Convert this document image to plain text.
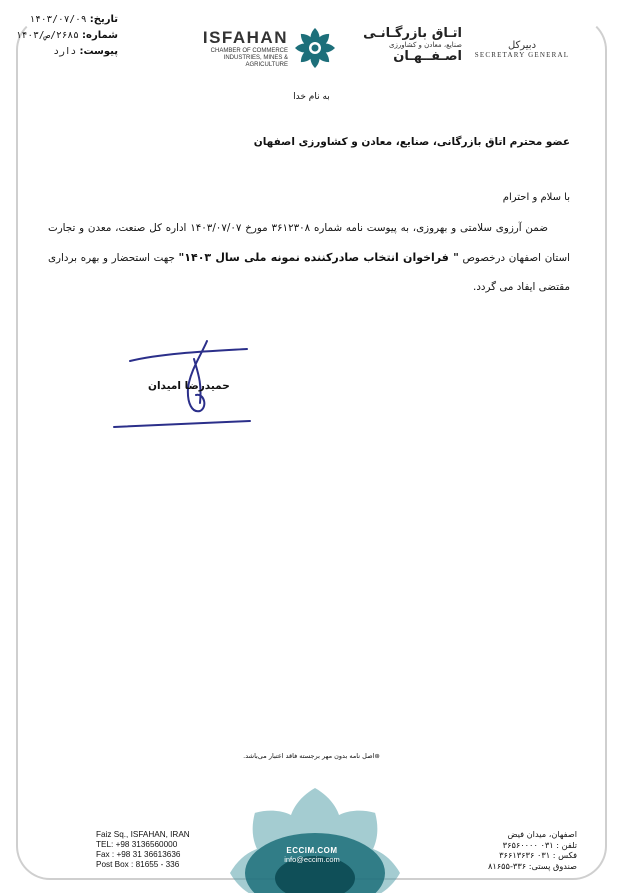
تاریخ: ۱۴۰۳/۰۷/۰۹
شماره: ۲۶۸۵/ص/۱۴۰۳
پیوست: دارد
ISFAHAN
CHAMBER OF COMMERCE
INDUSTRIES, MINES & AGRICULTURE
اتـاق بازرگـانـی
صنایع، معادن و کشاورزی
اصـفــهـان
دبیرکل
SECRETARY GENERAL
به نام خدا
عضو محترم اتاق بازرگانی، صنایع، معادن و کشاورزی اصفهان
با سلام و احترام
ضمن آرزوی سلامتی و بهروزی، به پیوست نامه شماره ۳۶۱۲۳۰۸ مورخ ۱۴۰۳/۰۷/۰۷ اداره کل صنعت، معدن و تجارت استان اصفهان درخصوص " فراخوان انتخاب صادرکننده نمونه ملی سال ۱۴۰۳" جهت استحضار و بهره برداری مقتضی ایفاد می گردد.
حمیدرضا امیدان
⊛اصل نامه بدون مهر برجسته فاقد اعتبار می‌باشد.
ECCIM.COM
info@eccim.com
Faiz Sq., ISFAHAN, IRAN
TEL: +98 3136560000
Fax : +98 31 36613636
Post Box : 81655 - 336
اصفهان، میدان فیض
تلفن : ۰۳۱ ۳۶۵۶۰۰۰۰
فکس : ۰۳۱ ۳۶۶۱۳۶۳۶
صندوق پستی: ۳۳۶-۸۱۶۵۵
